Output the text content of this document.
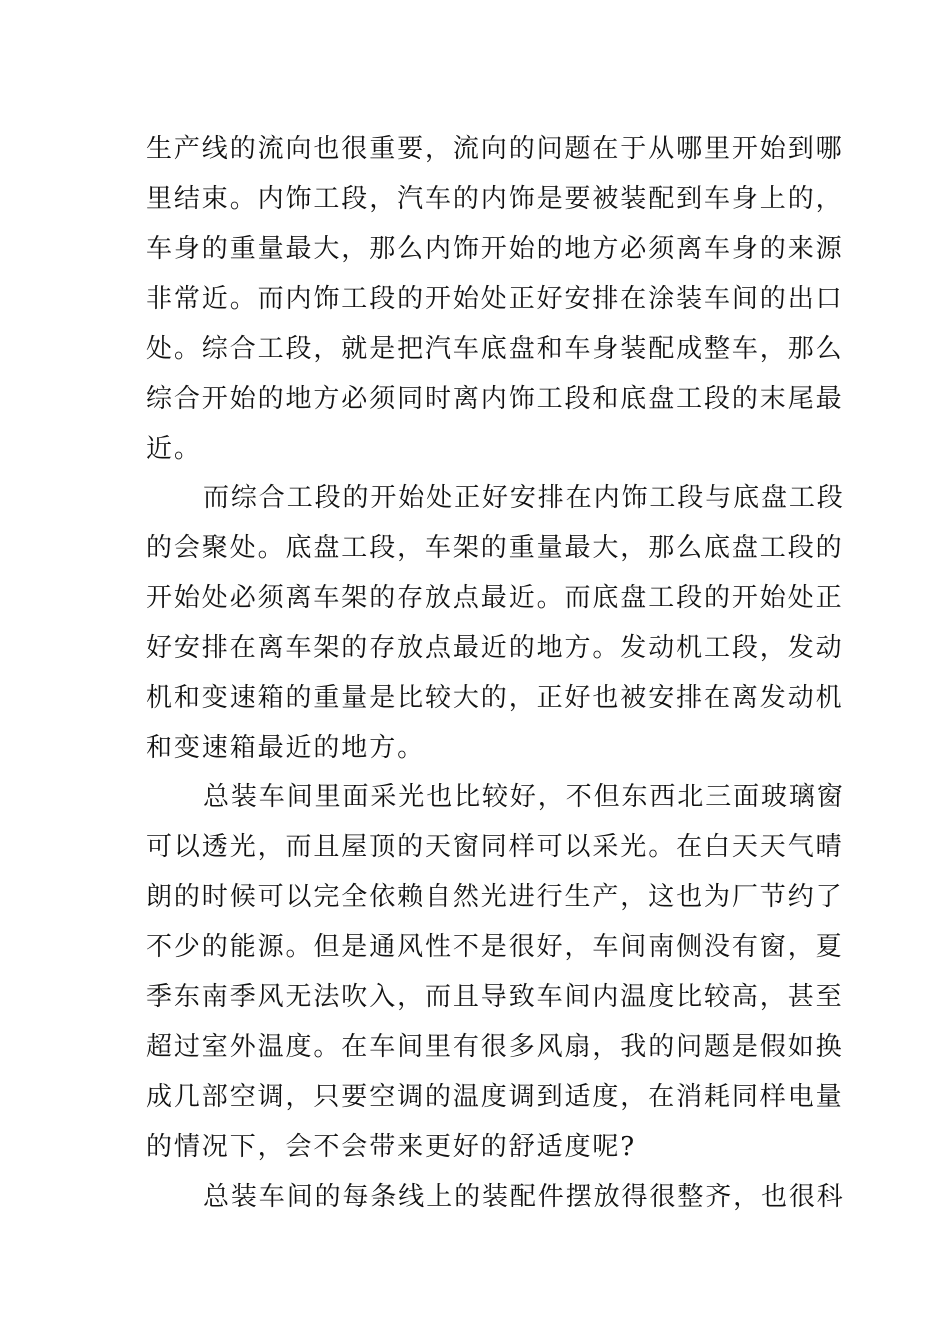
生产线的流向也很重要，流向的问题在于从哪里开始到哪
里结束。内饰工段，汽车的内饰是要被装配到车身上的，
车身的重量最大，那么内饰开始的地方必须离车身的来源
非常近。而内饰工段的开始处正好安排在涂装车间的出口
处。综合工段，就是把汽车底盘和车身装配成整车，那么
综合开始的地方必须同时离内饰工段和底盘工段的末尾最
近。
而综合工段的开始处正好安排在内饰工段与底盘工段
的会聚处。底盘工段，车架的重量最大，那么底盘工段的
开始处必须离车架的存放点最近。而底盘工段的开始处正
好安排在离车架的存放点最近的地方。发动机工段，发动
机和变速箱的重量是比较大的，正好也被安排在离发动机
和变速箱最近的地方。
总装车间里面采光也比较好，不但东西北三面玻璃窗
可以透光，而且屋顶的天窗同样可以采光。在白天天气晴
朗的时候可以完全依赖自然光进行生产，这也为厂节约了
不少的能源。但是通风性不是很好，车间南侧没有窗，夏
季东南季风无法吹入，而且导致车间内温度比较高，甚至
超过室外温度。在车间里有很多风扇，我的问题是假如换
成几部空调，只要空调的温度调到适度，在消耗同样电量
的情况下，会不会带来更好的舒适度呢?
总装车间的每条线上的装配件摆放得很整齐，也很科
